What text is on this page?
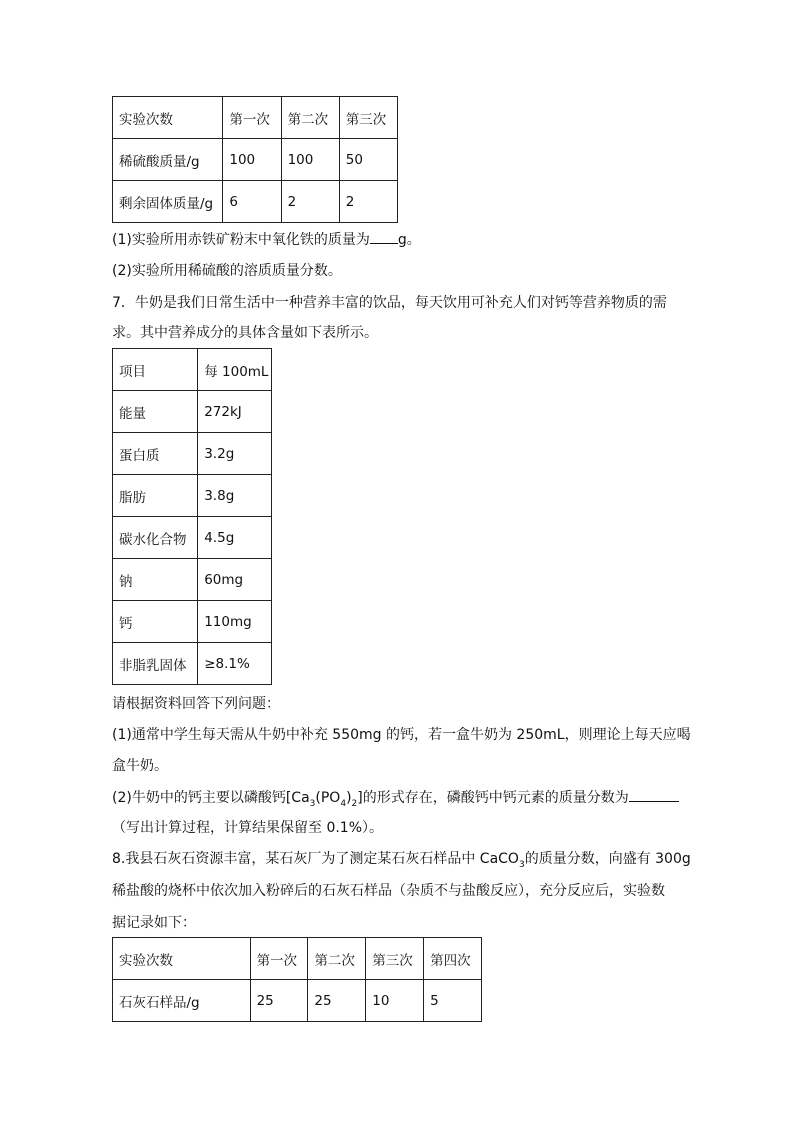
实验次数	第一次	第二次	第三次
稀硫酸质量/g	100	100	50
剩余固体质量/g	6	2	2
(1)实验所用赤铁矿粉末中氧化铁的质量为 g。
(2)实验所用稀硫酸的溶质质量分数。
7．牛奶是我们日常生活中一种营养丰富的饮品，每天饮用可补充人们对钙等营养物质的需
求。其中营养成分的具体含量如下表所示。
项目	每 100mL
能量	272kJ
蛋白质	3.2g
脂肪	3.8g
碳水化合物	4.5g
钠	60mg
钙	110mg
非脂乳固体	≥8.1%
请根据资料回答下列问题：
(1)通常中学生每天需从牛奶中补充 550mg 的钙，若一盒牛奶为 250mL，则理论上每天应喝
盒牛奶。
(2)牛奶中的钙主要以磷酸钙$[Ca_3(PO_4)_2]$的形式存在，磷酸钙中钙元素的质量分数为
（写出计算过程，计算结果保留至 0.1%）。
8.我县石灰石资源丰富，某石灰厂为了测定某石灰石样品中 CaCO$_3$的质量分数，向盛有 300g
稀盐酸的烧杯中依次加入粉碎后的石灰石样品（杂质不与盐酸反应），充分反应后，实验数
据记录如下：
实验次数	第一次	第二次	第三次	第四次
石灰石样品/g	25	25	10	5
